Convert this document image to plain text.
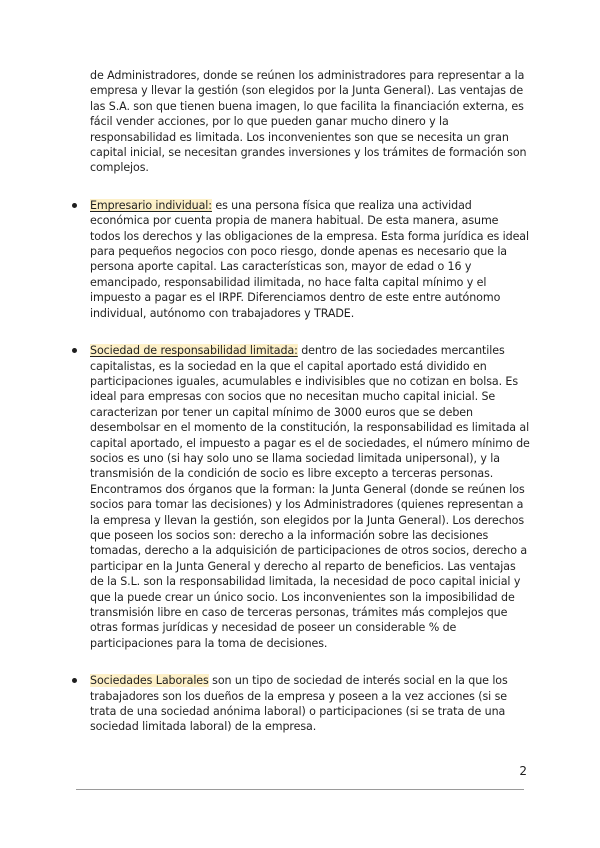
de Administradores, donde se reúnen los administradores para representar a la empresa y llevar la gestión (son elegidos por la Junta General). Las ventajas de las S.A. son que tienen buena imagen, lo que facilita la financiación externa, es fácil vender acciones, por lo que pueden ganar mucho dinero y la responsabilidad es limitada. Los inconvenientes son que se necesita un gran capital inicial, se necesitan grandes inversiones y los trámites de formación son complejos.

Empresario individual: es una persona física que realiza una actividad económica por cuenta propia de manera habitual. De esta manera, asume todos los derechos y las obligaciones de la empresa. Esta forma jurídica es ideal para pequeños negocios con poco riesgo, donde apenas es necesario que la persona aporte capital. Las características son, mayor de edad o 16 y emancipado, responsabilidad ilimitada, no hace falta capital mínimo y el impuesto a pagar es el IRPF. Diferenciamos dentro de este entre autónomo individual, autónomo con trabajadores y TRADE.
Sociedad de responsabilidad limitada: dentro de las sociedades mercantiles capitalistas, es la sociedad en la que el capital aportado está dividido en participaciones iguales, acumulables e indivisibles que no cotizan en bolsa. Es ideal para empresas con socios que no necesitan mucho capital inicial. Se caracterizan por tener un capital mínimo de 3000 euros que se deben desembolsar en el momento de la constitución, la responsabilidad es limitada al capital aportado, el impuesto a pagar es el de sociedades, el número mínimo de socios es uno (si hay solo uno se llama sociedad limitada unipersonal), y la transmisión de la condición de socio es libre excepto a terceras personas.
Encontramos dos órganos que la forman: la Junta General (donde se reúnen los socios para tomar las decisiones) y los Administradores (quienes representan a la empresa y llevan la gestión, son elegidos por la Junta General). Los derechos que poseen los socios son: derecho a la información sobre las decisiones tomadas, derecho a la adquisición de participaciones de otros socios, derecho a participar en la Junta General y derecho al reparto de beneficios. Las ventajas de la S.L. son la responsabilidad limitada, la necesidad de poco capital inicial y que la puede crear un único socio. Los inconvenientes son la imposibilidad de transmisión libre en caso de terceras personas, trámites más complejos que otras formas jurídicas y necesidad de poseer un considerable % de participaciones para la toma de decisiones.
Sociedades Laborales son un tipo de sociedad de interés social en la que los trabajadores son los dueños de la empresa y poseen a la vez acciones (si se trata de una sociedad anónima laboral) o participaciones (si se trata de una sociedad limitada laboral) de la empresa.
2
